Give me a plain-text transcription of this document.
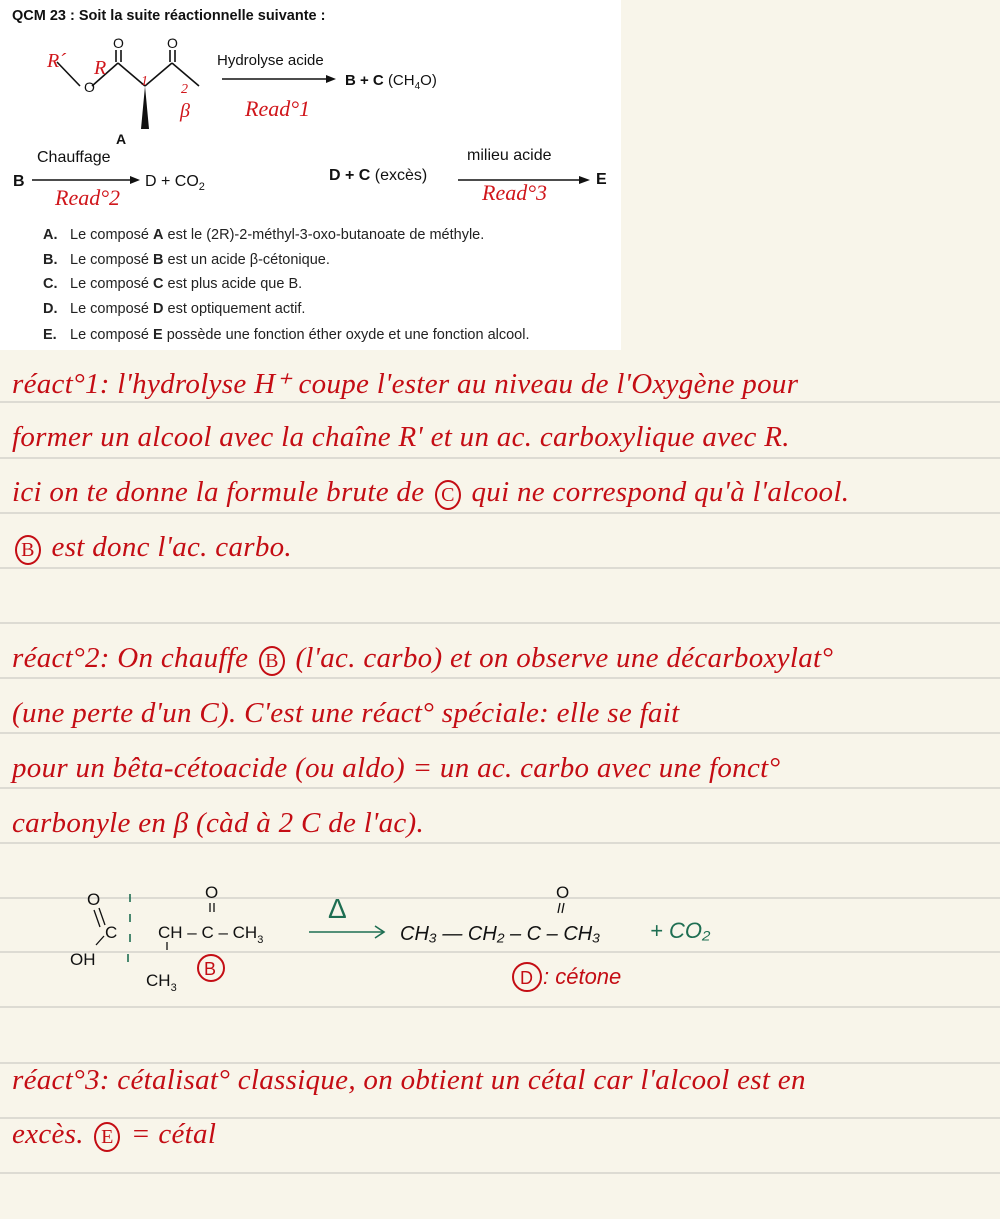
QCM 23 : Soit la suite réactionnelle suivante :
O
O	O
A
Hydrolyse acide
B + C $(CH_4O)$
Chauffage
B	$D + CO_2$
D + C (excès)
milieu acide
E
R´ R
1
2
β	Read°1
Read°2	Read°3
A. Le composé A est le (2R)-2-méthyl-3-oxo-butanoate de méthyle.
B. Le composé B est un acide β-cétonique.
C. Le composé C est plus acide que B.
D. Le composé D est optiquement actif.
E. Le composé E possède une fonction éther oxyde et une fonction alcool.
réact°1: l'hydrolyse H⁺ coupe l'ester au niveau de l'Oxygène pour
former un alcool avec la chaîne R' et un ac. carboxylique avec R.
ici on te donne la formule brute de C qui ne correspond qu'à l'alcool.
B est donc l'ac. carbo.
réact°2: On chauffe B (l'ac. carbo) et on observe une décarboxylat°
(une perte d'un C). C'est une réact° spéciale: elle se fait
pour un bêta-cétoacide (ou aldo) = un ac. carbo avec une fonct°
carbonyle en β (càd à 2 C de l'ac).
O
OH
C CH – C – $CH_3$
O
$CH_3$
B
Δ
CH₃ — CH₂ – C – CH₃
O
+ CO₂
D : cétone
réact°3: cétalisat° classique, on obtient un cétal car l'alcool est en
excès. E = cétal
